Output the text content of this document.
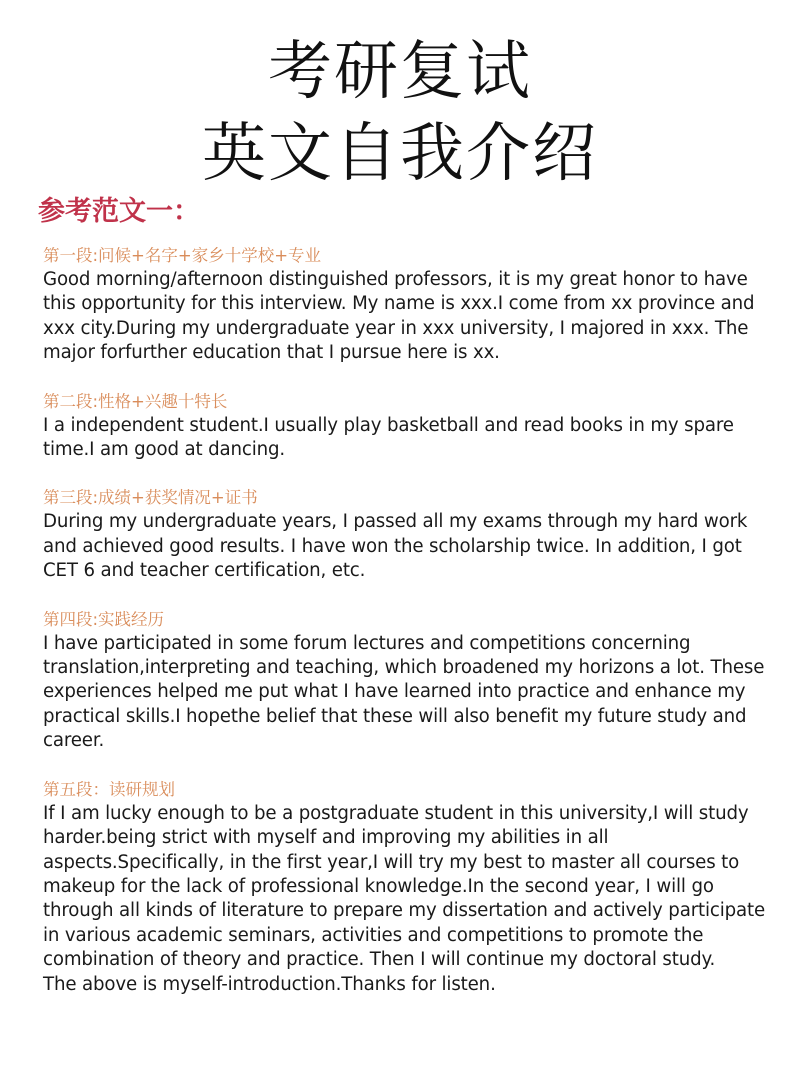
考研复试
英文自我介绍
参考范文一：

第一段:问候+名字+家乡十学校+专业

Good morning/afternoon distinguished professors, it is my great honor to have this opportunity for this interview. My name is xxx.I come from xx province and xxx city.During my undergraduate year in xxx university, I majored in xxx. The major forfurther education that I pursue here is xx.

第二段:性格+兴趣十特长

I a independent student.I usually play basketball and read books in my spare time.I am good at dancing.

第三段:成绩+获奖情况+证书

During my undergraduate years, I passed all my exams through my hard work and achieved good results. I have won the scholarship twice. In addition, I got CET 6 and teacher certification, etc.

第四段:实践经历

I have participated in some forum lectures and competitions concerning translation,interpreting and teaching, which broadened my horizons a lot. These experiences helped me put what I have learned into practice and enhance my practical skills.I hopethe belief that these will also benefit my future study and career.

第五段：读研规划

If I am lucky enough to be a postgraduate student in this university,I will study harder.being strict with myself and improving my abilities in all aspects.Specifically, in the first year,I will try my best to master all courses to makeup for the lack of professional knowledge.In the second year, I will go through all kinds of literature to prepare my dissertation and actively participate in various academic seminars, activities and competitions to promote the combination of theory and practice. Then I will continue my doctoral study.

The above is myself-introduction.Thanks for listen.
